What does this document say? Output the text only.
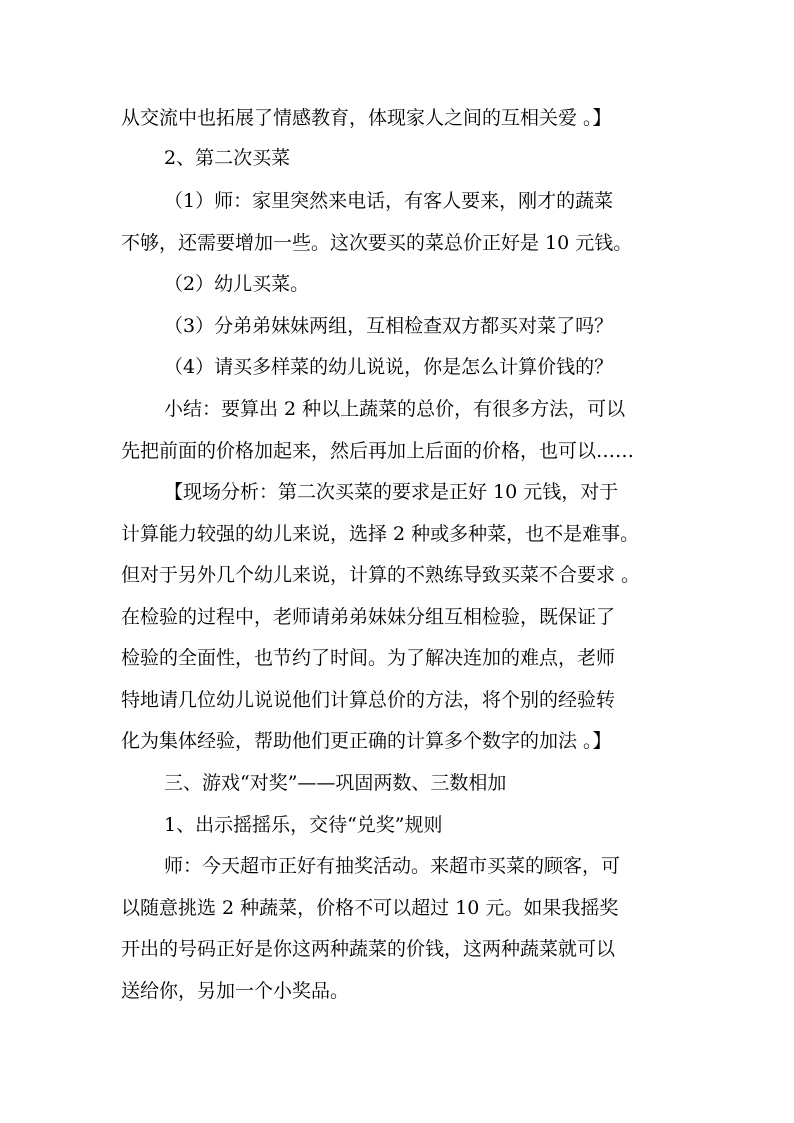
从交流中也拓展了情感教育，体现家人之间的互相关爱 。】
2、第二次买菜
（1）师：家里突然来电话，有客人要来，刚才的蔬菜
不够，还需要增加一些。这次要买的菜总价正好是 10 元钱。
（2）幼儿买菜。
（3）分弟弟妹妹两组，互相检查双方都买对菜了吗？
（4）请买多样菜的幼儿说说，你是怎么计算价钱的？
小结：要算出 2 种以上蔬菜的总价，有很多方法，可以
先把前面的价格加起来，然后再加上后面的价格，也可以……
【现场分析：第二次买菜的要求是正好 10 元钱，对于
计算能力较强的幼儿来说，选择 2 种或多种菜，也不是难事。
但对于另外几个幼儿来说，计算的不熟练导致买菜不合要求 。
在检验的过程中，老师请弟弟妹妹分组互相检验，既保证了
检验的全面性，也节约了时间。为了解决连加的难点，老师
特地请几位幼儿说说他们计算总价的方法，将个别的经验转
化为集体经验，帮助他们更正确的计算多个数字的加法 。】
三、游戏“对奖”——巩固两数、三数相加
1、出示摇摇乐，交待“兑奖”规则
师：今天超市正好有抽奖活动。来超市买菜的顾客，可
以随意挑选 2 种蔬菜，价格不可以超过 10 元。如果我摇奖
开出的号码正好是你这两种蔬菜的价钱，这两种蔬菜就可以
送给你，另加一个小奖品。
